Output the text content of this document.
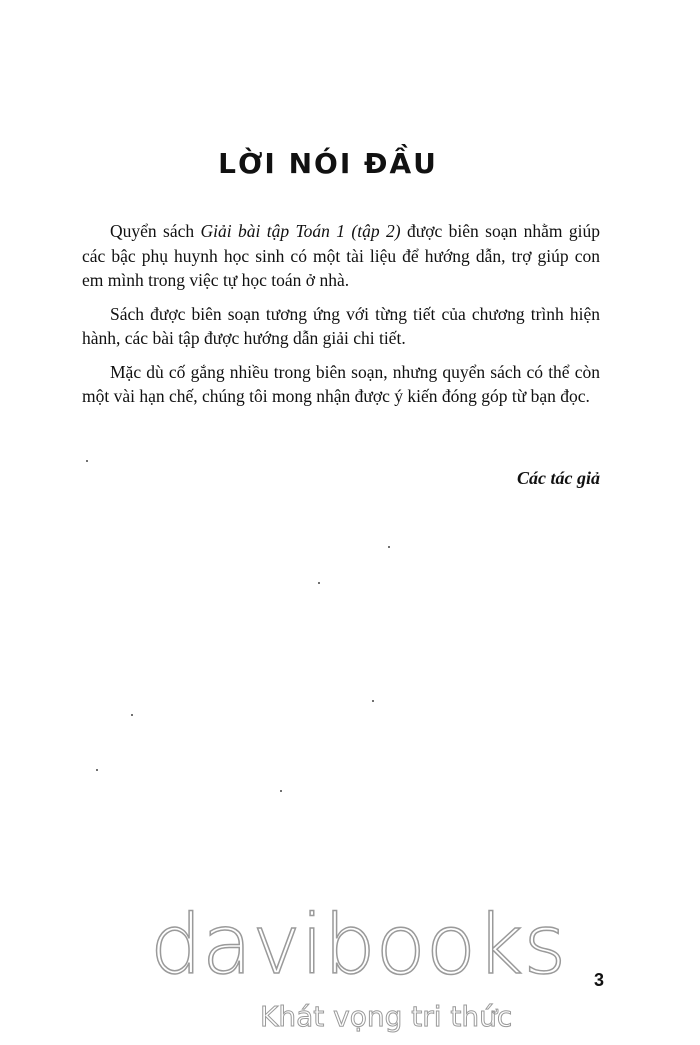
LỜI NÓI ĐẦU

Quyển sách Giải bài tập Toán 1 (tập 2) được biên soạn nhằm giúp các bậc phụ huynh học sinh có một tài liệu để hướng dẫn, trợ giúp con em mình trong việc tự học toán ở nhà.

Sách được biên soạn tương ứng với từng tiết của chương trình hiện hành, các bài tập được hướng dẫn giải chi tiết.

Mặc dù cố gắng nhiều trong biên soạn, nhưng quyển sách có thể còn một vài hạn chế, chúng tôi mong nhận được ý kiến đóng góp từ bạn đọc.

Các tác giả
3
davibooks
Khát vọng tri thức
